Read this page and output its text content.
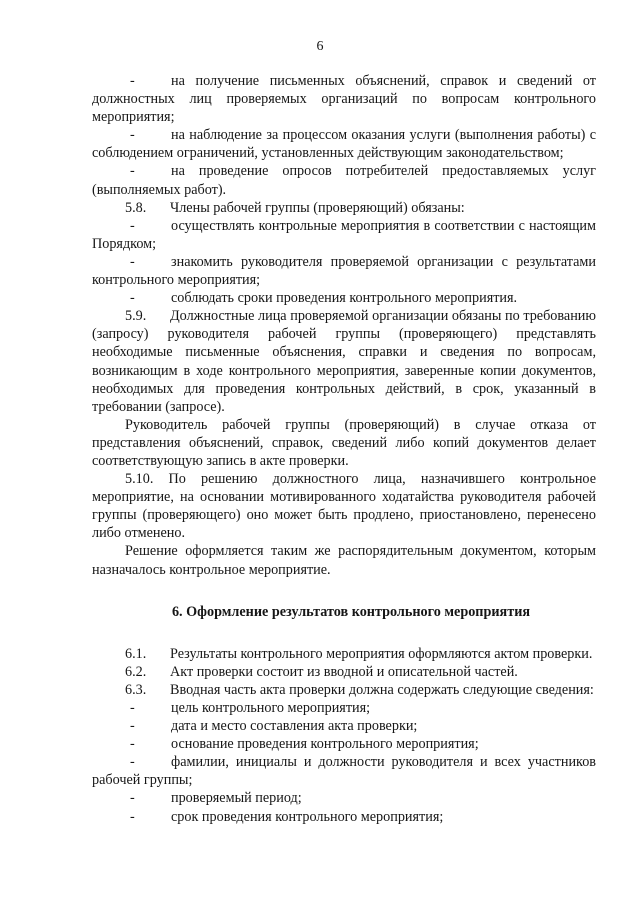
6
- на получение письменных объяснений, справок и сведений от должностных лиц проверяемых организаций по вопросам контрольного мероприятия;
- на наблюдение за процессом оказания услуги (выполнения работы) с соблюдением ограничений, установленных действующим законодательством;
- на проведение опросов потребителей предоставляемых услуг (выполняемых работ).
5.8. Члены рабочей группы (проверяющий) обязаны:
- осуществлять контрольные мероприятия в соответствии с настоящим Порядком;
- знакомить руководителя проверяемой организации с результатами контрольного мероприятия;
- соблюдать сроки проведения контрольного мероприятия.
5.9. Должностные лица проверяемой организации обязаны по требованию (запросу) руководителя рабочей группы (проверяющего) представлять необходимые письменные объяснения, справки и сведения по вопросам, возникающим в ходе контрольного мероприятия, заверенные копии документов, необходимых для проведения контрольных действий, в срок, указанный в требовании (запросе).
Руководитель рабочей группы (проверяющий) в случае отказа от представления объяснений, справок, сведений либо копий документов делает соответствующую запись в акте проверки.
5.10. По решению должностного лица, назначившего контрольное мероприятие, на основании мотивированного ходатайства руководителя рабочей группы (проверяющего) оно может быть продлено, приостановлено, перенесено либо отменено.
Решение оформляется таким же распорядительным документом, которым назначалось контрольное мероприятие.
6. Оформление результатов контрольного мероприятия
6.1. Результаты контрольного мероприятия оформляются актом проверки.
6.2. Акт проверки состоит из вводной и описательной частей.
6.3. Вводная часть акта проверки должна содержать следующие сведения:
- цель контрольного мероприятия;
- дата и место составления акта проверки;
- основание проведения контрольного мероприятия;
- фамилии, инициалы и должности руководителя и всех участников рабочей группы;
- проверяемый период;
- срок проведения контрольного мероприятия;
